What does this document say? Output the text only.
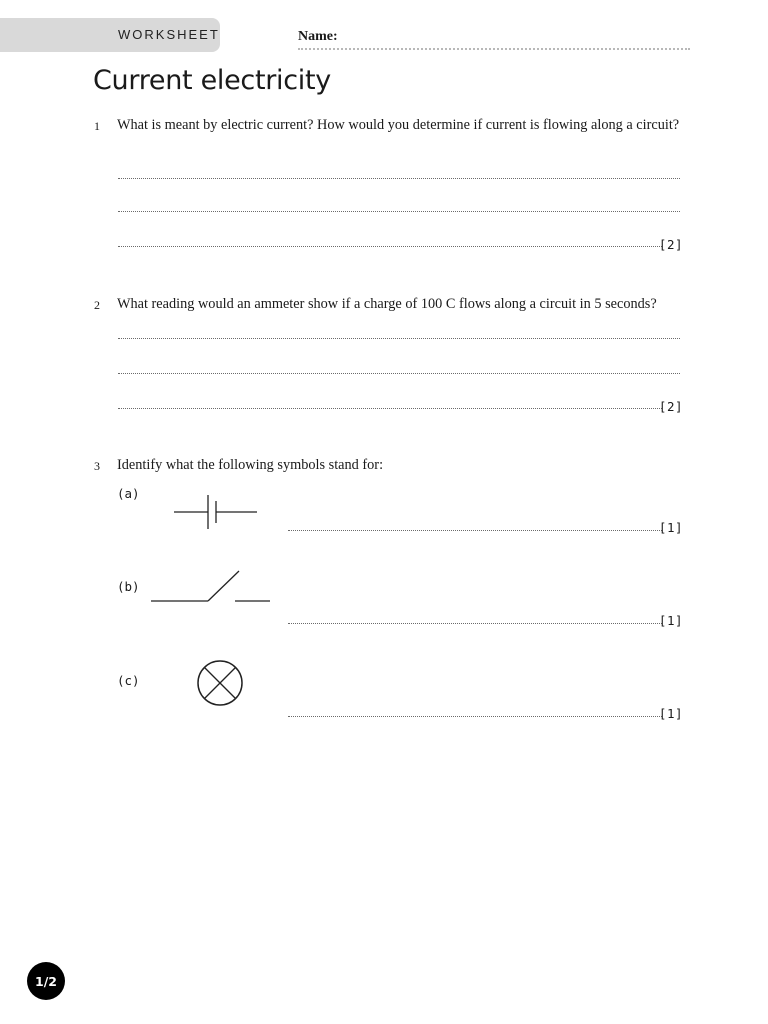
WORKSHEET	Name:
Current electricity
1 What is meant by electric current? How would you determine if current is flowing along a circuit?
[2]
2 What reading would an ammeter show if a charge of 100 C flows along a circuit in 5 seconds?
[2]
3 Identify what the following symbols stand for:
(a)
[1]
(b)
[1]
(c)
[1]
1/2
